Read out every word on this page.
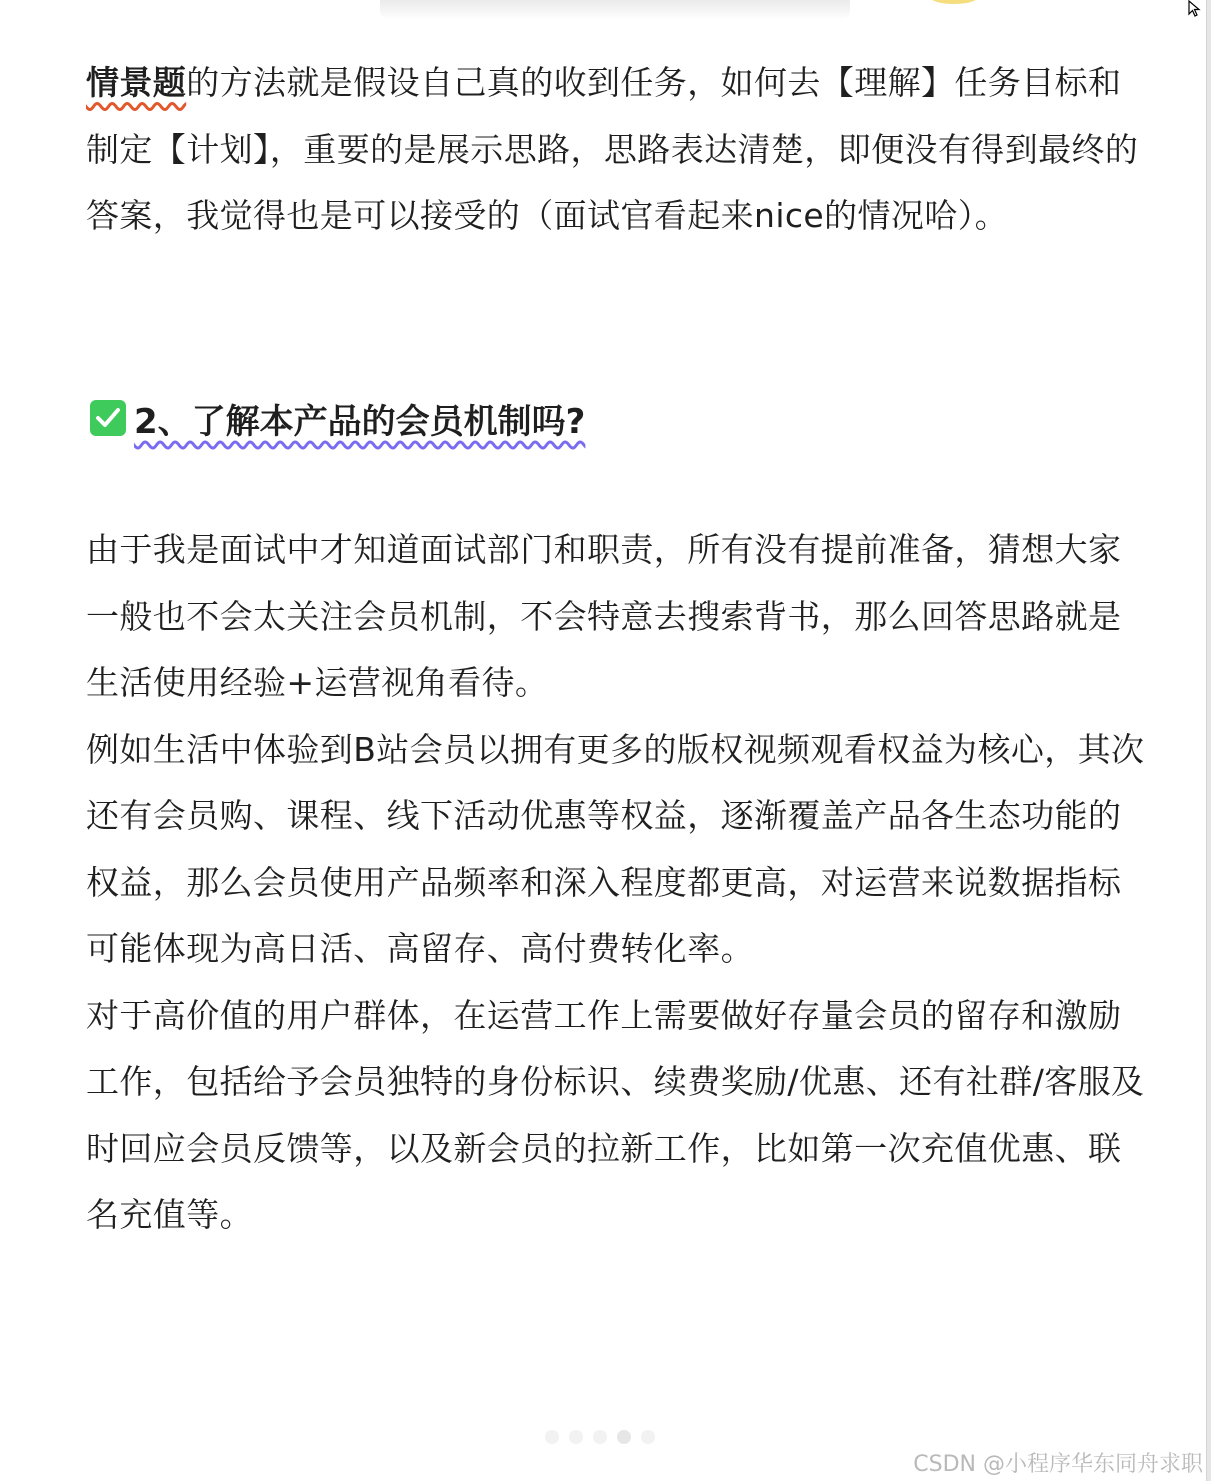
情景题的方法就是假设自己真的收到任务，如何去【理解】任务目标和制定【计划】，重要的是展示思路，思路表达清楚，即便没有得到最终的答案，我觉得也是可以接受的（面试官看起来nice的情况哈）。

2、了解本产品的会员机制吗?

由于我是面试中才知道面试部门和职责，所有没有提前准备，猜想大家一般也不会太关注会员机制，不会特意去搜索背书，那么回答思路就是生活使用经验+运营视角看待。

例如生活中体验到B站会员以拥有更多的版权视频观看权益为核心，其次还有会员购、课程、线下活动优惠等权益，逐渐覆盖产品各生态功能的权益，那么会员使用产品频率和深入程度都更高，对运营来说数据指标可能体现为高日活、高留存、高付费转化率。

对于高价值的用户群体，在运营工作上需要做好存量会员的留存和激励工作，包括给予会员独特的身份标识、续费奖励/优惠、还有社群/客服及时回应会员反馈等，以及新会员的拉新工作，比如第一次充值优惠、联名充值等。

CSDN @小程序华东同舟求职
